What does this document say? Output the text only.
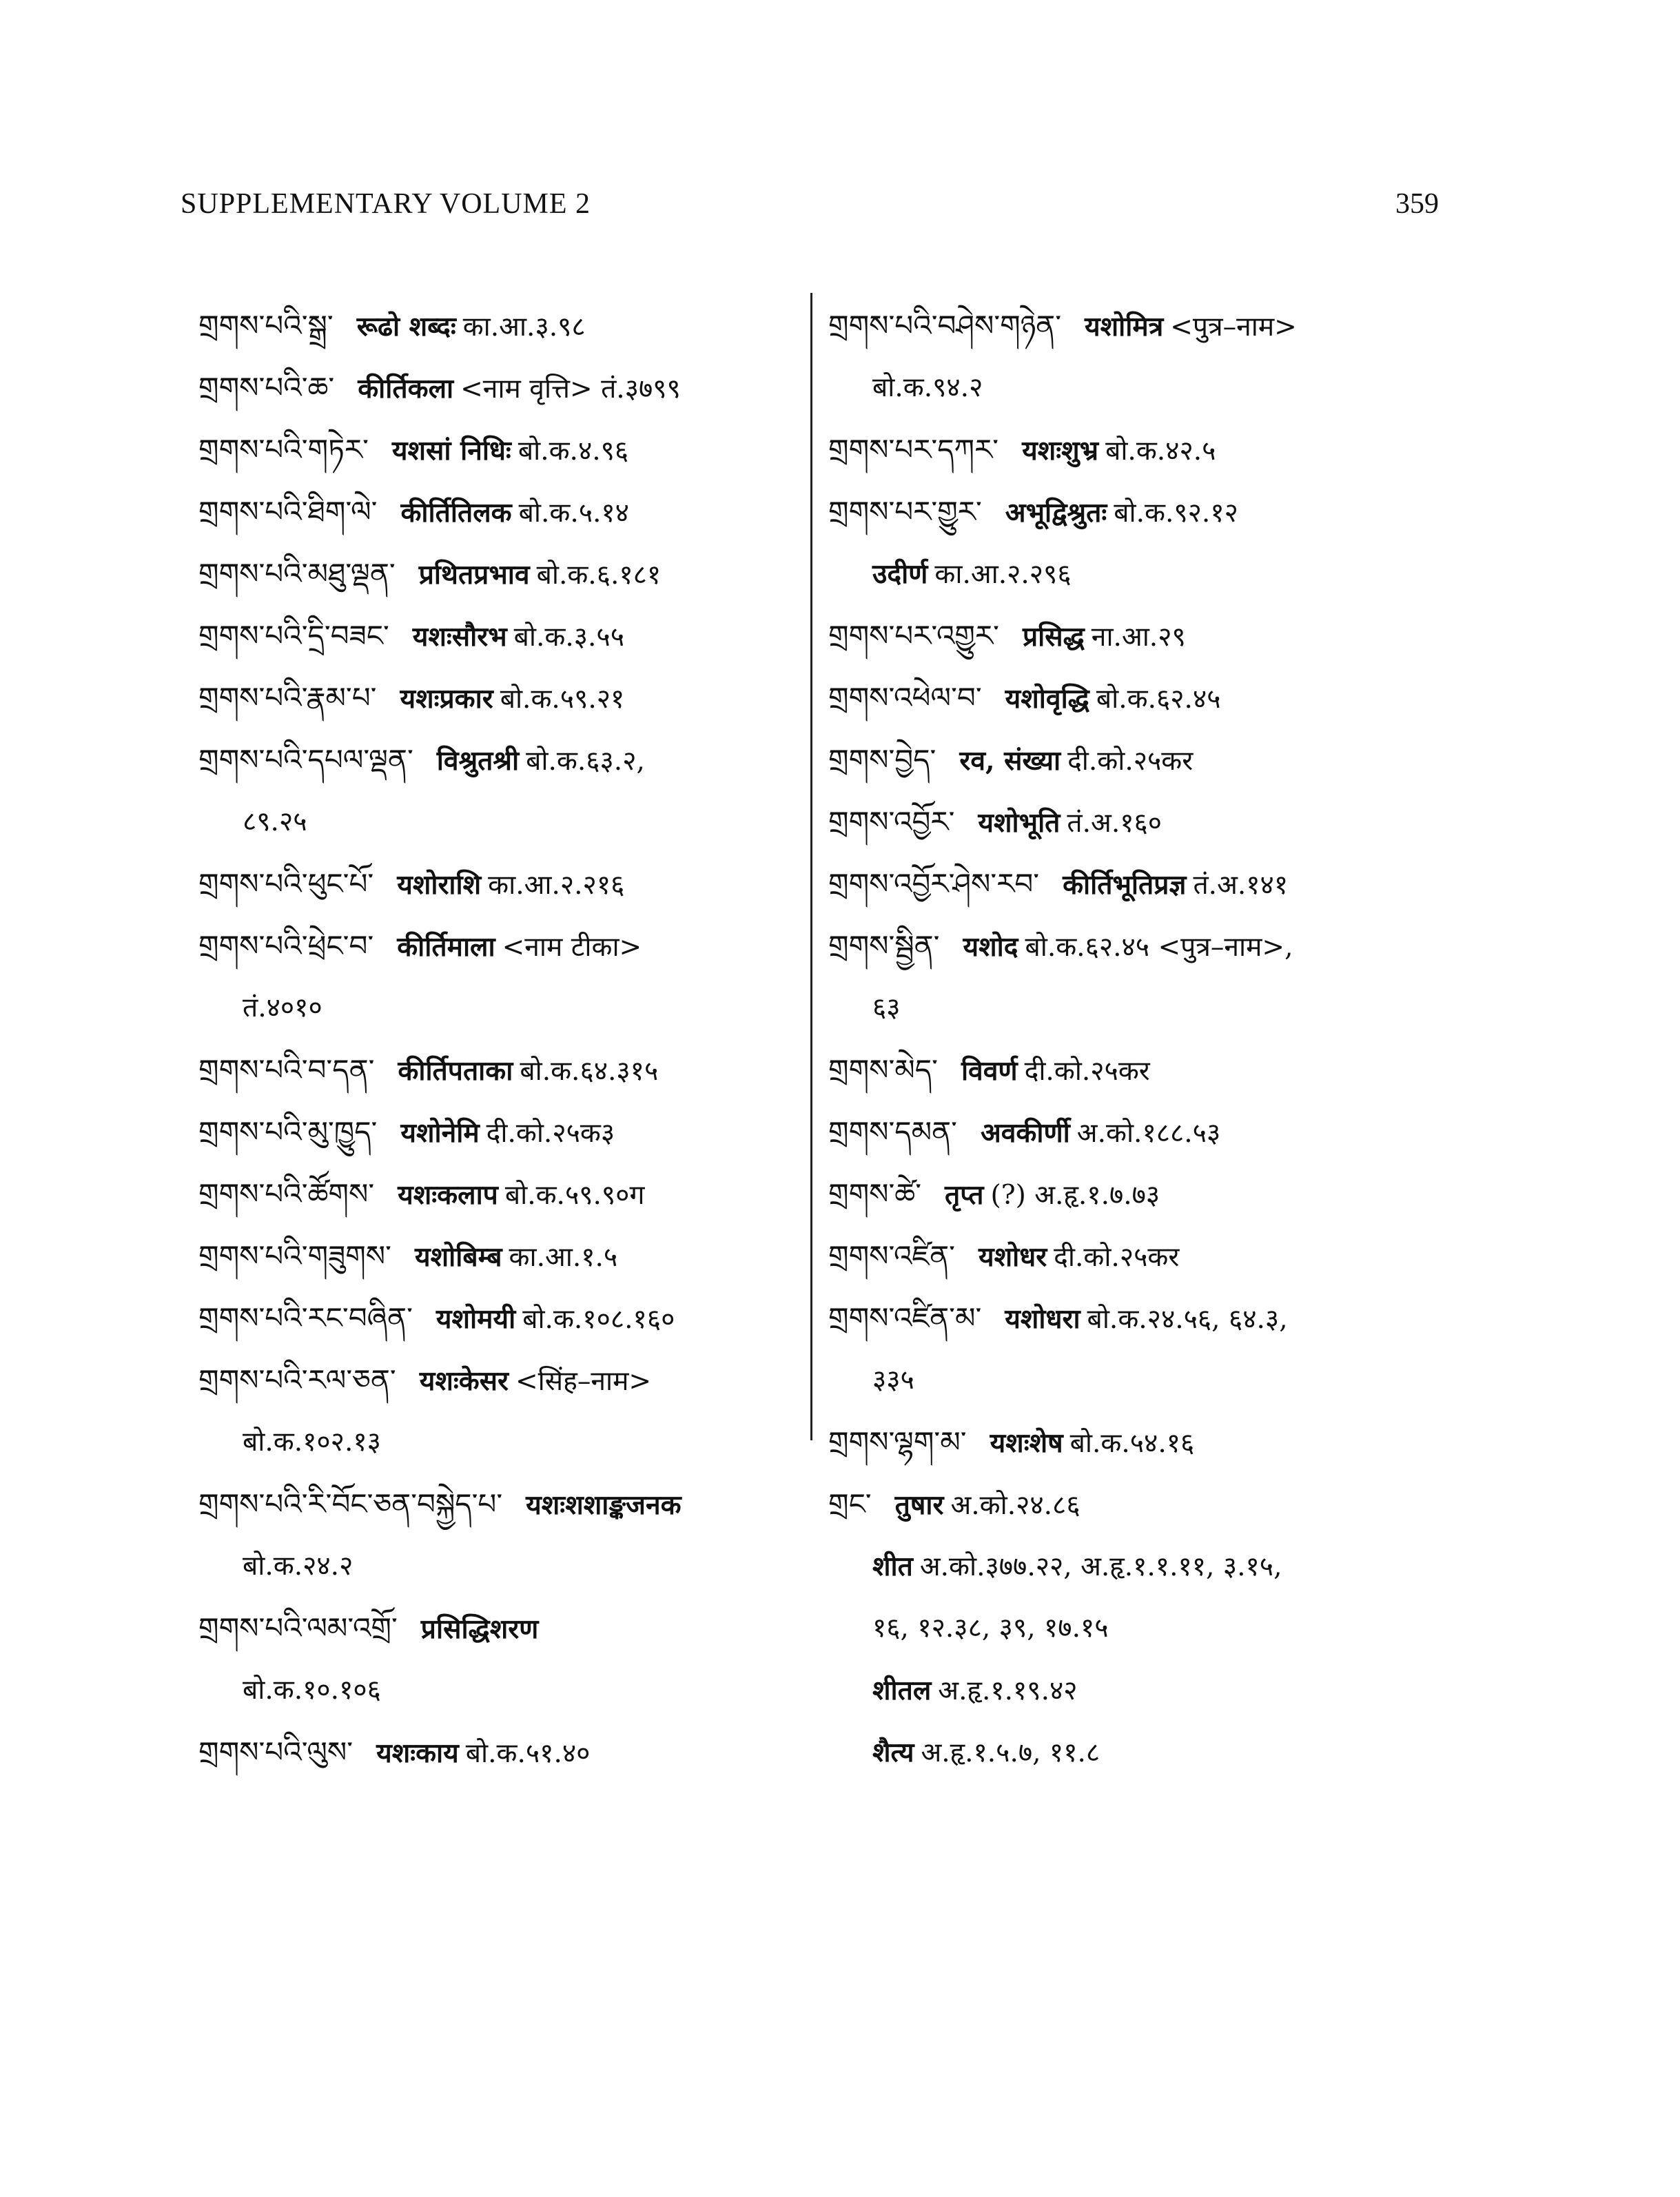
SUPPLEMENTARY VOLUME 2	359
གྲགས་པའི་སྒྲ་ रूढो शब्दः का.आ.३.९८
གྲགས་པའི་ཆ་ कीर्तिकला <नाम वृत्ति> तं.३७९९
གྲགས་པའི་གཏེར་ यशसां निधिः बो.क.४.९६
གྲགས་པའི་ཐིག་ལེ་ कीर्तितिलक बो.क.५.१४
གྲགས་པའི་མཐུ་ལྡན་ प्रथितप्रभाव बो.क.६.१८१
གྲགས་པའི་དྲི་བཟང་ यशःसौरभ बो.क.३.५५
གྲགས་པའི་རྣམ་པ་ यशःप्रकार बो.क.५९.२१
གྲགས་པའི་དཔལ་ལྡན་ विश्रुतश्री बो.क.६३.२,
८९.२५
གྲགས་པའི་ཕུང་པོ་ यशोराशि का.आ.२.२१६
གྲགས་པའི་ཕྲེང་བ་ कीर्तिमाला <नाम टीका>
तं.४०१०
གྲགས་པའི་བ་དན་ कीर्तिपताका बो.क.६४.३१५
གྲགས་པའི་མུ་ཁྱུད་ यशोनेमि दी.को.२५क३
གྲགས་པའི་ཚོགས་ यशःकलाप बो.क.५९.९०ग
གྲགས་པའི་གཟུགས་ यशोबिम्ब का.आ.१.५
གྲགས་པའི་རང་བཞིན་ यशोमयी बो.क.१०८.१६०
གྲགས་པའི་རལ་ཅན་ यशःकेसर <सिंह–नाम>
बो.क.१०२.१३
གྲགས་པའི་རི་བོང་ཅན་བསྐྱེད་པ་ यशःशशाङ्कजनक
बो.क.२४.२
གྲགས་པའི་ལམ་འགྲོ་ प्रसिद्धिशरण
बो.क.१०.१०६
གྲགས་པའི་ལུས་ यशःकाय बो.क.५१.४०
གྲགས་པའི་བཤེས་གཉེན་ यशोमित्र <पुत्र–नाम>
बो.क.९४.२
གྲགས་པར་དཀར་ यशःशुभ्र बो.क.४२.५
གྲགས་པར་གྱུར་ अभूद्विश्रुतः बो.क.९२.१२
उदीर्ण का.आ.२.२९६
གྲགས་པར་འགྱུར་ प्रसिद्ध ना.आ.२९
གྲགས་འཕེལ་བ་ यशोवृद्धि बो.क.६२.४५
གྲགས་བྱེད་ रव, संख्या दी.को.२५कर
གྲགས་འབྱོར་ यशोभूति तं.अ.१६०
གྲགས་འབྱོར་ཤེས་རབ་ कीर्तिभूतिप्रज्ञ तं.अ.१४१
གྲགས་སྦྱིན་ यशोद बो.क.६२.४५ <पुत्र–नाम>,
६३
གྲགས་མེད་ विवर्ण दी.को.२५कर
གྲགས་དམན་ अवकीर्णी अ.को.१८८.५३
གྲགས་ཚེ་ तृप्त (?) अ.हृ.१.७.७३
གྲགས་འཛིན་ यशोधर दी.को.२५कर
གྲགས་འཛིན་མ་ यशोधरा बो.क.२४.५६, ६४.३,
३३५
གྲགས་ལྷག་མ་ यशःशेष बो.क.५४.१६
གྲང་ तुषार अ.को.२४.८६
शीत अ.को.३७७.२२, अ.हृ.१.१.११, ३.१५,
१६, १२.३८, ३९, १७.१५
शीतल अ.हृ.१.१९.४२
शैत्य अ.हृ.१.५.७, ११.८
